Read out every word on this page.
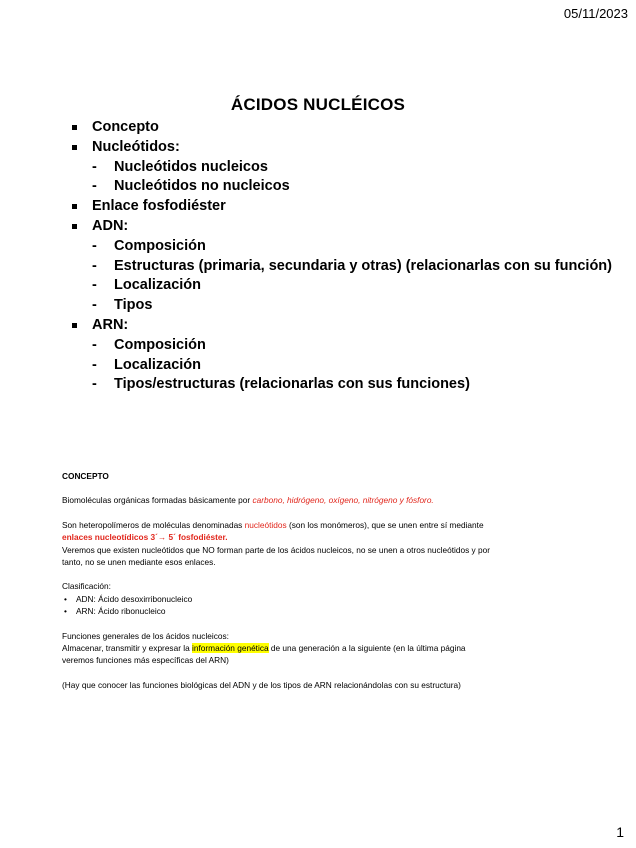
05/11/2023
ÁCIDOS NUCLÉICOS
Concepto
Nucleótidos:
- Nucleótidos nucleicos
- Nucleótidos no nucleicos
Enlace fosfodiéster
ADN:
- Composición
- Estructuras (primaria, secundaria y otras) (relacionarlas con su función)
- Localización
- Tipos
ARN:
- Composición
- Localización
- Tipos/estructuras (relacionarlas con sus funciones)

CONCEPTO

Biomoléculas orgánicas formadas básicamente por carbono, hidrógeno, oxígeno, nitrógeno y fósforo.

Son heteropolímeros de moléculas denominadas nucleótidos (son los monómeros), que se unen entre sí mediante

enlaces nucleotídicos 3´→ 5´ fosfodiéster.

Veremos que existen nucleótidos que NO forman parte de los ácidos nucleicos, no se unen a otros nucleótidos y por

tanto, no se unen mediante esos enlaces.

Clasificación:

• ADN: Ácido desoxirribonucleico

• ARN: Ácido ribonucleico

Funciones generales de los ácidos nucleicos:

Almacenar, transmitir y expresar la información genética de una generación a la siguiente (en la última página

veremos funciones más específicas del ARN)

(Hay que conocer las funciones biológicas del ADN y de los tipos de ARN relacionándolas con su estructura)

1
